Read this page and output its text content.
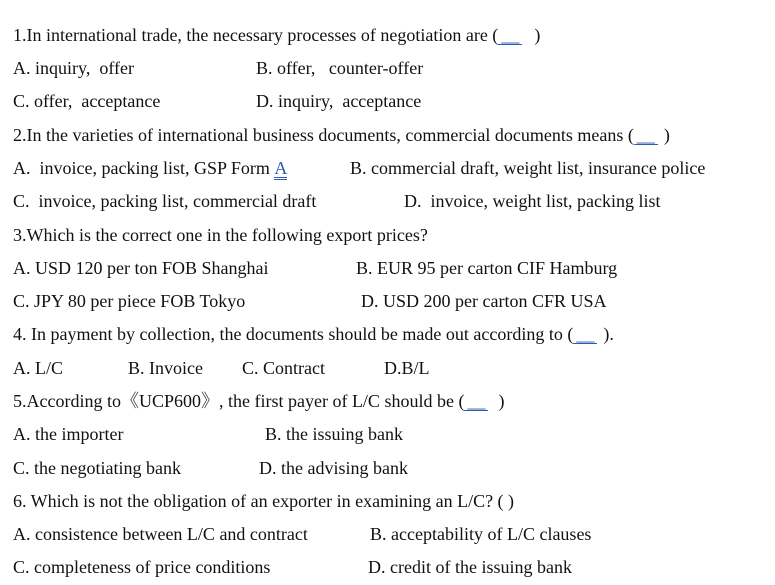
1.In international trade, the necessary processes of negotiation are ( __ )
A. inquiry,  offer	B. offer,   counter-offer
C. offer,  acceptance	D. inquiry,  acceptance
2.In the varieties of international business documents, commercial documents means ( __ )
A.  invoice, packing list, GSP Form A	B. commercial draft, weight list, insurance police
C.  invoice, packing list, commercial draft	D.  invoice, weight list, packing list
3.Which is the correct one in the following export prices?
A. USD 120 per ton FOB Shanghai	B. EUR 95 per carton CIF Hamburg
C. JPY 80 per piece FOB Tokyo	D. USD 200 per carton CFR USA
4. In payment by collection, the documents should be made out according to ( __ ).
A. L/C	B. Invoice C. Contract	D.B/L
5.According to《UCP600》, the first payer of L/C should be ( __ )
A. the importer	B. the issuing bank
C. the negotiating bank	D. the advising bank
6. Which is not the obligation of an exporter in examining an L/C? ( )
A. consistence between L/C and contract	B. acceptability of L/C clauses
C. completeness of price conditions	D. credit of the issuing bank
